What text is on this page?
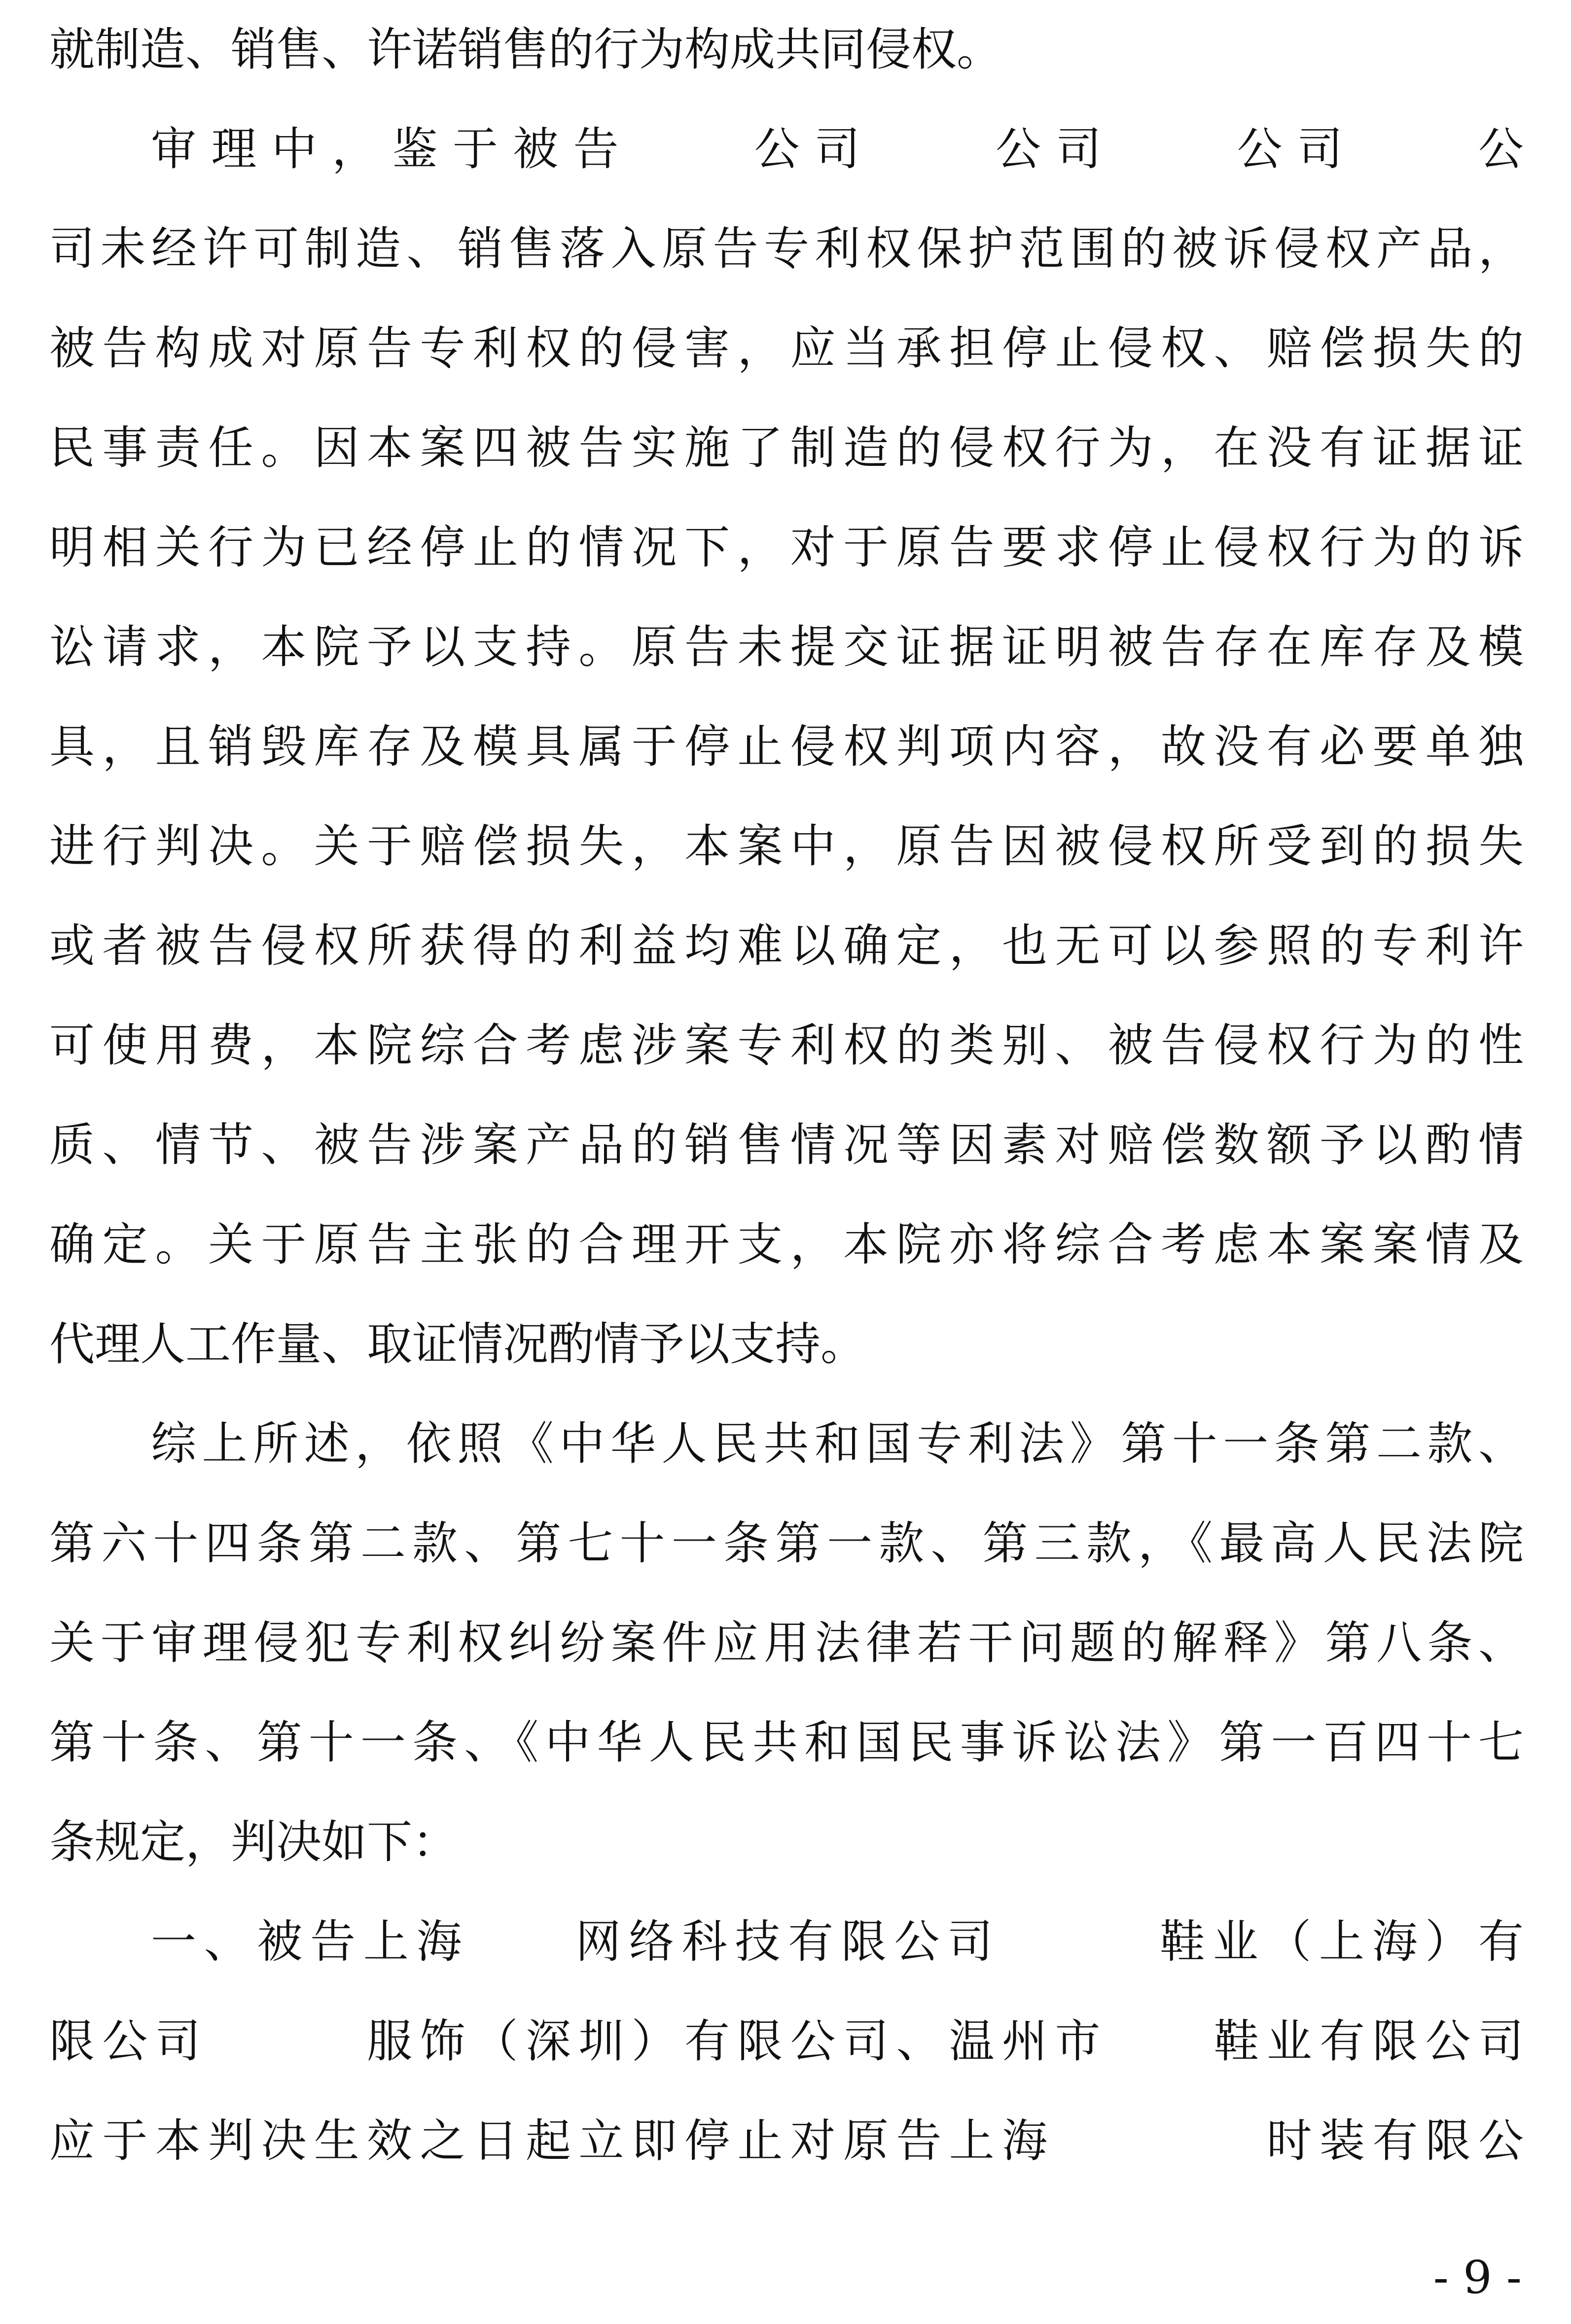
就制造、销售、许诺销售的行为构成共同侵权。
审理中，鉴于被告　　公司　　公司　　公司　　公
司未经许可制造、销售落入原告专利权保护范围的被诉侵权产品，
被告构成对原告专利权的侵害，应当承担停止侵权、赔偿损失的
民事责任。因本案四被告实施了制造的侵权行为，在没有证据证
明相关行为已经停止的情况下，对于原告要求停止侵权行为的诉
讼请求，本院予以支持。原告未提交证据证明被告存在库存及模
具，且销毁库存及模具属于停止侵权判项内容，故没有必要单独
进行判决。关于赔偿损失，本案中，原告因被侵权所受到的损失
或者被告侵权所获得的利益均难以确定，也无可以参照的专利许
可使用费，本院综合考虑涉案专利权的类别、被告侵权行为的性
质、情节、被告涉案产品的销售情况等因素对赔偿数额予以酌情
确定。关于原告主张的合理开支，本院亦将综合考虑本案案情及
代理人工作量、取证情况酌情予以支持。
综上所述，依照《中华人民共和国专利法》第十一条第二款、
第六十四条第二款、第七十一条第一款、第三款，《最高人民法院
关于审理侵犯专利权纠纷案件应用法律若干问题的解释》第八条、
第十条、第十一条、《中华人民共和国民事诉讼法》第一百四十七
条规定，判决如下：
一、被告上海　　网络科技有限公司　　　鞋业（上海）有
限公司　　　服饰（深圳）有限公司、温州市　　鞋业有限公司
应于本判决生效之日起立即停止对原告上海　　　　时装有限公
- 9 -
